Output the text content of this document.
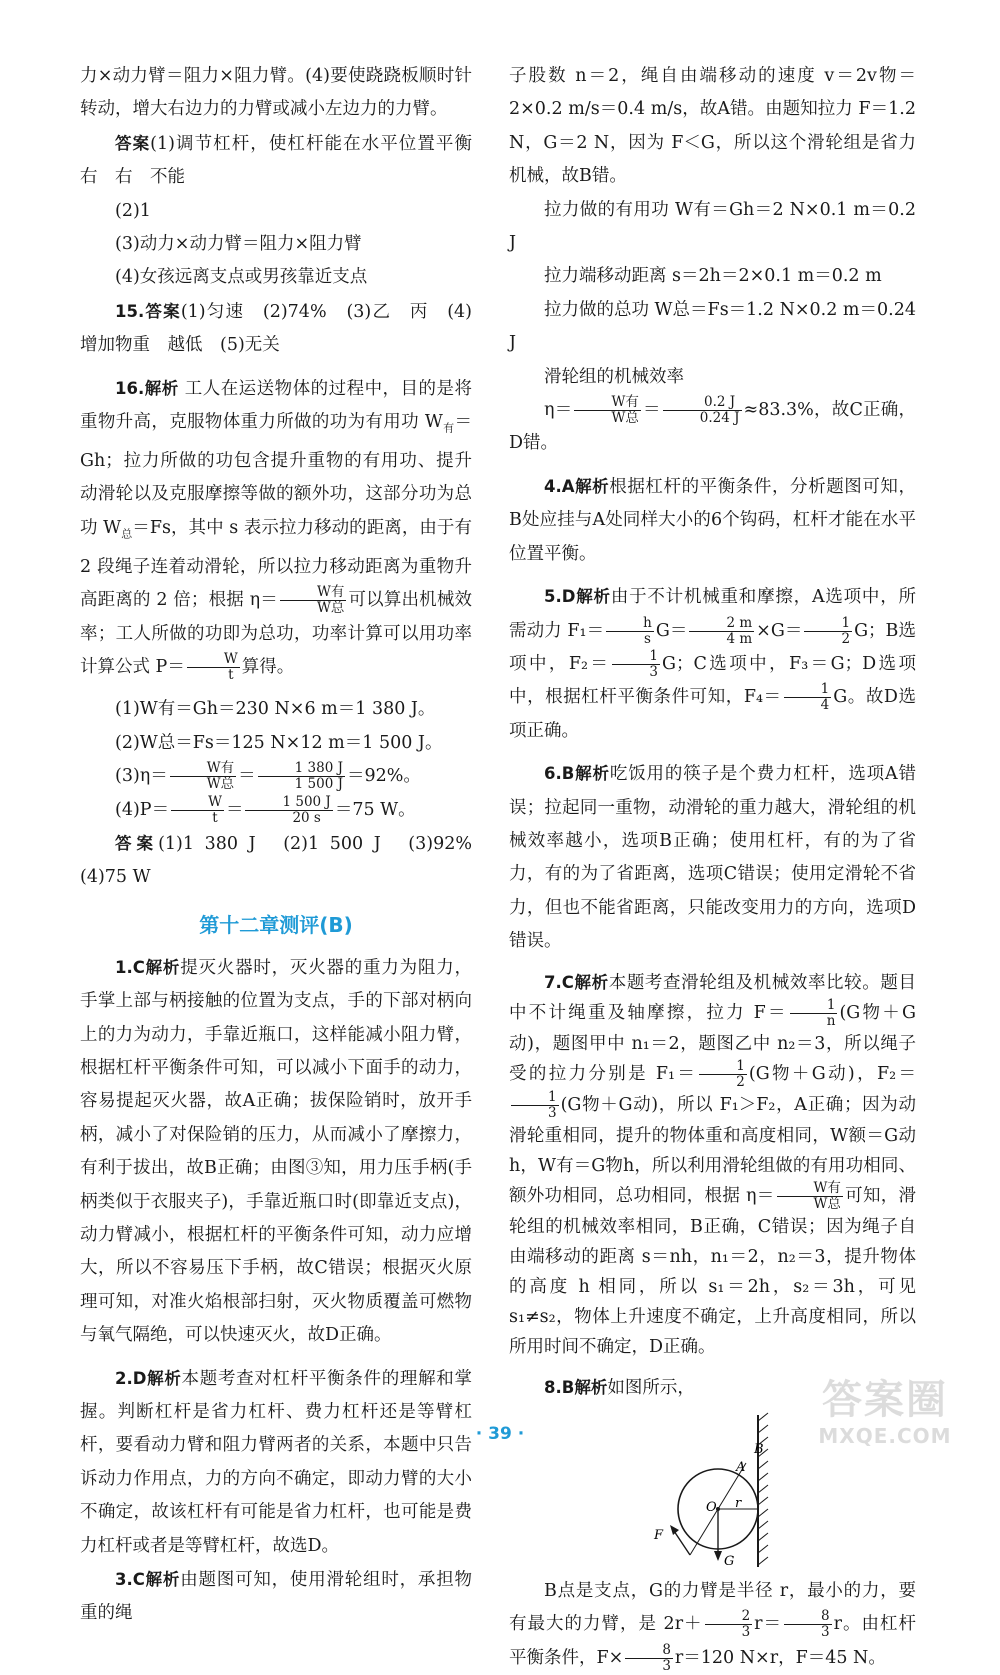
力×动力臂＝阻力×阻力臂。(4)要使跷跷板顺时针转动，增大右边力的力臂或减小左边力的力臂。

答案(1)调节杠杆，使杠杆能在水平位置平衡　右　右　不能

(2)1

(3)动力×动力臂＝阻力×阻力臂

(4)女孩远离支点或男孩靠近支点

15.答案(1)匀速　(2)74%　(3)乙　丙　(4)增加物重　越低　(5)无关

16.解析 工人在运送物体的过程中，目的是将重物升高，克服物体重力所做的功为有用功 $W_有=Gh$；拉力所做的功包含提升重物的有用功、提升动滑轮以及克服摩擦等做的额外功，这部分功为总功 $W_总=Fs$，其中 s 表示拉力移动的距离，由于有 2 段绳子连着动滑轮，所以拉力移动距离为重物升高距离的 2 倍；根据 $\eta= \frac{\text{W有}}{\text{W总}}$ 可以算出机械效率；工人所做的功即为总功，功率计算可以用功率计算公式 $P= \frac{W}{t}$ 算得。

(1)W有＝Gh＝230 N×6 m＝1 380 J。

(2)W总＝Fs＝125 N×12 m＝1 500 J。

$(3)\eta= \frac{\text{W有}}{\text{W总}} = \frac{1 380 J}{1 500 J} =92\%$。

$(4)P= \frac{W}{t} = \frac{1 500 J}{20 s} =75$ W。

答案(1)1 380 J　(2)1 500 J　(3)92%　(4)75 W

第十二章测评(B)

1.C解析提灭火器时，灭火器的重力为阻力，手掌上部与柄接触的位置为支点，手的下部对柄向上的力为动力，手靠近瓶口，这样能减小阻力臂，根据杠杆平衡条件可知，可以减小下面手的动力，容易提起灭火器，故A正确；拔保险销时，放开手柄，减小了对保险销的压力，从而减小了摩擦力，有利于拔出，故B正确；由图③知，用力压手柄(手柄类似于衣服夹子)，手靠近瓶口时(即靠近支点)，动力臂减小，根据杠杆的平衡条件可知，动力应增大，所以不容易压下手柄，故C错误；根据灭火原理可知，对准火焰根部扫射，灭火物质覆盖可燃物与氧气隔绝，可以快速灭火，故D正确。

2.D解析本题考查对杠杆平衡条件的理解和掌握。判断杠杆是省力杠杆、费力杠杆还是等臂杠杆，要看动力臂和阻力臂两者的关系，本题中只告诉动力作用点，力的方向不确定，即动力臂的大小不确定，故该杠杆有可能是省力杠杆，也可能是费力杠杆或者是等臂杠杆，故选D。

3.C解析由题图可知，使用滑轮组时，承担物重的绳

子股数 n＝2，绳自由端移动的速度 v＝2v物＝2×0.2 m/s＝0.4 m/s，故A错。由题知拉力 F＝1.2 N，G＝2 N，因为 F＜G，所以这个滑轮组是省力机械，故B错。

拉力做的有用功 W有＝Gh＝2 N×0.1 m＝0.2 J

拉力端移动距离 s＝2h＝2×0.1 m＝0.2 m

拉力做的总功 W总＝Fs＝1.2 N×0.2 m＝0.24 J

滑轮组的机械效率

$\eta= \frac{\text{W有}}{\text{W总}} = \frac{0.2 J}{0.24 J} \approx 83.3\%$，故C正确，D错。

4.A解析根据杠杆的平衡条件，分析题图可知，B处应挂与A处同样大小的6个钩码，杠杆才能在水平位置平衡。

5.D解析由于不计机械重和摩擦，A选项中，所需动力 $F_1= \frac{h}{s} G= \frac{2 m}{4 m} \times G= \frac{1}{2}$ G；B选项中，$F_2= \frac{1}{3}$ G；C选项中，F₃＝G；D选项中，根据杠杆平衡条件可知，$F_4= \frac{1}{4}$ G。故D选项正确。

6.B解析吃饭用的筷子是个费力杠杆，选项A错误；拉起同一重物，动滑轮的重力越大，滑轮组的机械效率越小，选项B正确；使用杠杆，有的为了省力，有的为了省距离，选项C错误；使用定滑轮不省力，但也不能省距离，只能改变用力的方向，选项D错误。

7.C解析本题考查滑轮组及机械效率比较。题目中不计绳重及轴摩擦，拉力 $F= \frac{1}{n} (G$物＋G动)，题图甲中 n₁＝2，题图乙中 n₂＝3，所以绳子受的拉力分别是 $F_1= \frac{1}{2} (G$物＋G动)，F₂＝
$\frac{1}{3} (G$物＋G动)，所以 F₁＞F₂，A正确；因为动滑轮重相同，提升的物体重和高度相同，W额＝G动h，W有＝G物h，所以利用滑轮组做的有用功相同、额外功相同，总功相同，根据 $\eta= \frac{\text{W有}}{\text{W总}}$ 可知，滑轮组的机械效率相同，B正确，C错误；因为绳子自由端移动的距离 s＝nh，n₁＝2，n₂＝3，提升物体的高度 h 相同，所以 s₁＝2h，s₂＝3h，可见 s₁≠s₂，物体上升速度不确定，上升高度相同，所以所用时间不确定，D正确。

8.B解析如图所示，

B
A
O r
F
G

B点是支点，G的力臂是半径 r，最小的力，要有最大的力臂，是 $2r+ \frac{2}{3} r= \frac{8}{3}$ r。由杠杆平衡条件，$F\times \frac{8}{3} r=120$ N×r，F＝45 N。

· 39 ·
答案圈
MXQE.COM
